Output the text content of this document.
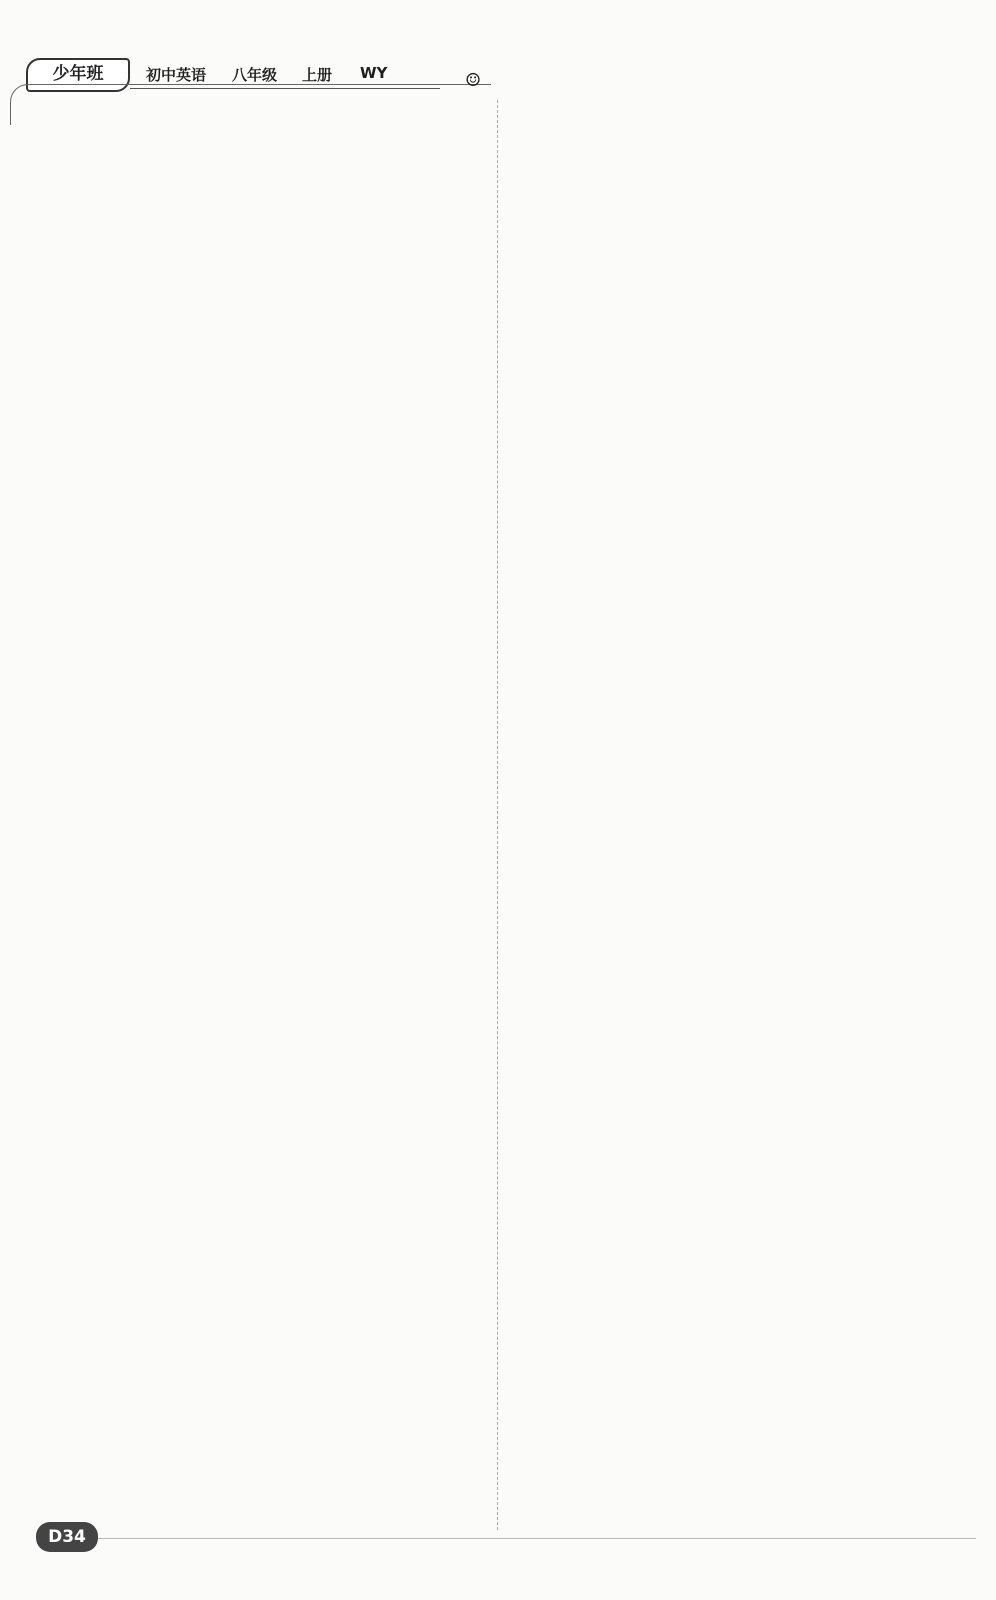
少年班	初中英语 八年级 上册 WY	☺
D34
